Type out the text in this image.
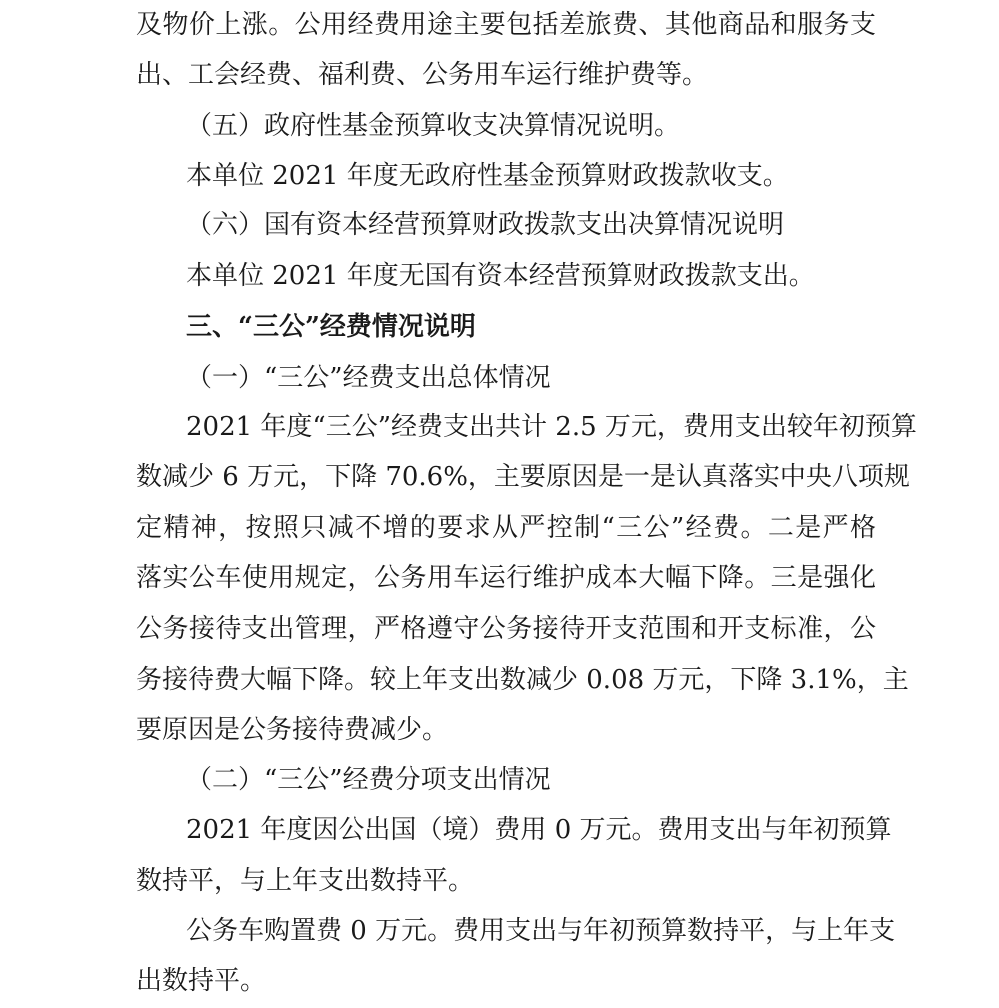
及物价上涨。公用经费用途主要包括差旅费、其他商品和服务支
出、工会经费、福利费、公务用车运行维护费等。
（五）政府性基金预算收支决算情况说明。
本单位 2021 年度无政府性基金预算财政拨款收支。
（六）国有资本经营预算财政拨款支出决算情况说明
本单位 2021 年度无国有资本经营预算财政拨款支出。
三、“三公”经费情况说明
（一）“三公”经费支出总体情况
2021 年度“三公”经费支出共计 2.5 万元，费用支出较年初预算
数减少 6 万元，下降 70.6%，主要原因是一是认真落实中央八项规
定精神，按照只减不增的要求从严控制“三公”经费。二是严格
落实公车使用规定，公务用车运行维护成本大幅下降。三是强化
公务接待支出管理，严格遵守公务接待开支范围和开支标准，公
务接待费大幅下降。较上年支出数减少 0.08 万元，下降 3.1%，主
要原因是公务接待费减少。
（二）“三公”经费分项支出情况
2021 年度因公出国（境）费用 0 万元。费用支出与年初预算
数持平，与上年支出数持平。
公务车购置费 0 万元。费用支出与年初预算数持平，与上年支
出数持平。
